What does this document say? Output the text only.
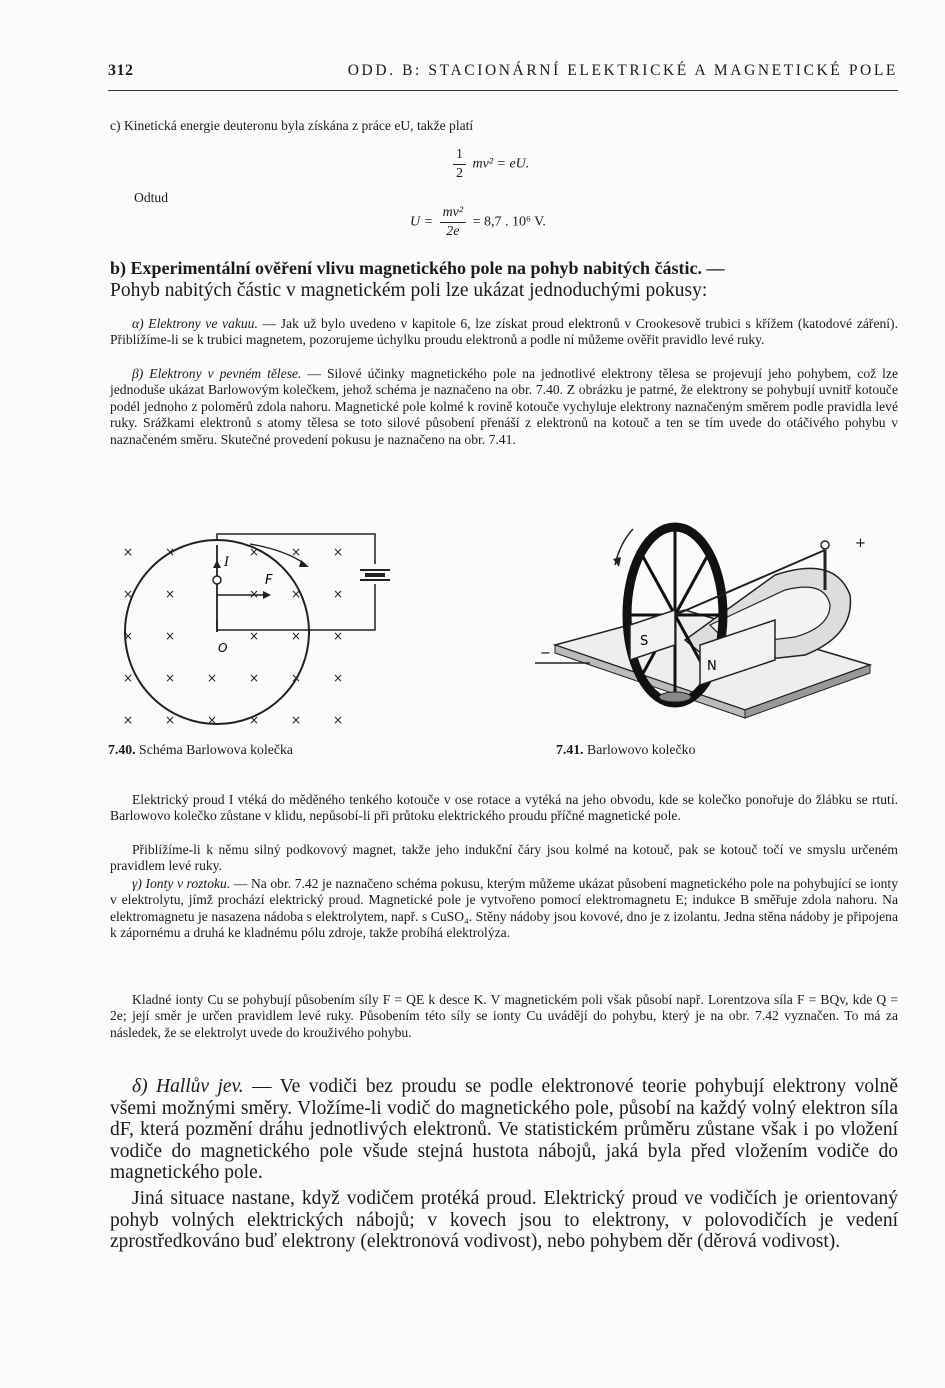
312	ODD. B: STACIONÁRNÍ ELEKTRICKÉ A MAGNETICKÉ POLE

c) Kinetická energie deuteronu byla získána z práce eU, takže platí

$\frac{1}{2} mv^2$ = eU.

Odtud

$U = \frac{\text{mv²}}{2e} = 8,7$ . 10⁶ V.

b) Experimentální ověření vlivu magnetického pole na pohyb nabitých částic. —
Pohyb nabitých částic v magnetickém poli lze ukázat jednoduchými pokusy:

α) Elektrony ve vakuu. — Jak už bylo uvedeno v kapitole 6, lze získat proud elektronů v Crookesově trubici s křížem (katodové záření). Přiblížíme-li se k trubici magnetem, pozorujeme úchylku proudu elektronů a podle ní můžeme ověřit pravidlo levé ruky.

β) Elektrony v pevném tělese. — Silové účinky magnetického pole na jednotlivé elektrony tělesa se projevují jeho pohybem, což lze jednoduše ukázat Barlowovým kolečkem, jehož schéma je naznačeno na obr. 7.40. Z obrázku je patrné, že elektrony se pohybují uvnitř kotouče podél jednoho z poloměrů zdola nahoru. Magnetické pole kolmé k rovině kotouče vychyluje elektrony naznačeným směrem podle pravidla levé ruky. Srážkami elektronů s atomy tělesa se toto silové působení přenáší z elektronů na kotouč a ten se tím uvede do otáčivého pohybu v naznačeném směru. Skutečné provedení pokusu je naznačeno na obr. 7.41.

×	×	×	×	×
×	×	×	×	×
×	×	×	×	×
×	×	×	×	×	×
×	×	×	×	×	×
I
F
O
7.40. Schéma Barlowova kolečka
S
N
+
−
7.41. Barlowovo kolečko

Elektrický proud I vtéká do měděného tenkého kotouče v ose rotace a vytéká na jeho obvodu, kde se kolečko ponořuje do žlábku se rtutí. Barlowovo kolečko zůstane v klidu, nepůsobí-li při průtoku elektrického proudu příčné magnetické pole.

Přiblížíme-li k němu silný podkovový magnet, takže jeho indukční čáry jsou kolmé na kotouč, pak se kotouč točí ve smyslu určeném pravidlem levé ruky.

γ) Ionty v roztoku. — Na obr. 7.42 je naznačeno schéma pokusu, kterým můžeme ukázat působení magnetického pole na pohybující se ionty v elektrolytu, jímž prochází elektrický proud. Magnetické pole je vytvořeno pomocí elektromagnetu E; indukce B směřuje zdola nahoru. Na elektromagnetu je nasazena nádoba s elektrolytem, např. s CuSO₄. Stěny nádoby jsou kovové, dno je z izolantu. Jedna stěna nádoby je připojena k zápornému a druhá ke kladnému pólu zdroje, takže probíhá elektrolýza.

Kladné ionty Cu se pohybují působením síly F = QE k desce K. V magnetickém poli však působí např. Lorentzova síla F = BQv, kde Q = 2e; její směr je určen pravidlem levé ruky. Působením této síly se ionty Cu uvádějí do pohybu, který je na obr. 7.42 vyznačen. To má za následek, že se elektrolyt uvede do krouživého pohybu.

δ) Hallův jev. — Ve vodiči bez proudu se podle elektronové teorie pohybují elektrony volně všemi možnými směry. Vložíme-li vodič do magnetického pole, působí na každý volný elektron síla dF, která pozmění dráhu jednotlivých elektronů. Ve statistickém průměru zůstane však i po vložení vodiče do magnetického pole všude stejná hustota nábojů, jaká byla před vložením vodiče do magnetického pole.

Jiná situace nastane, když vodičem protéká proud. Elektrický proud ve vodičích je orientovaný pohyb volných elektrických nábojů; v kovech jsou to elektrony, v polovodičích je vedení zprostředkováno buď elektrony (elektronová vodivost), nebo pohybem děr (děrová vodivost).
